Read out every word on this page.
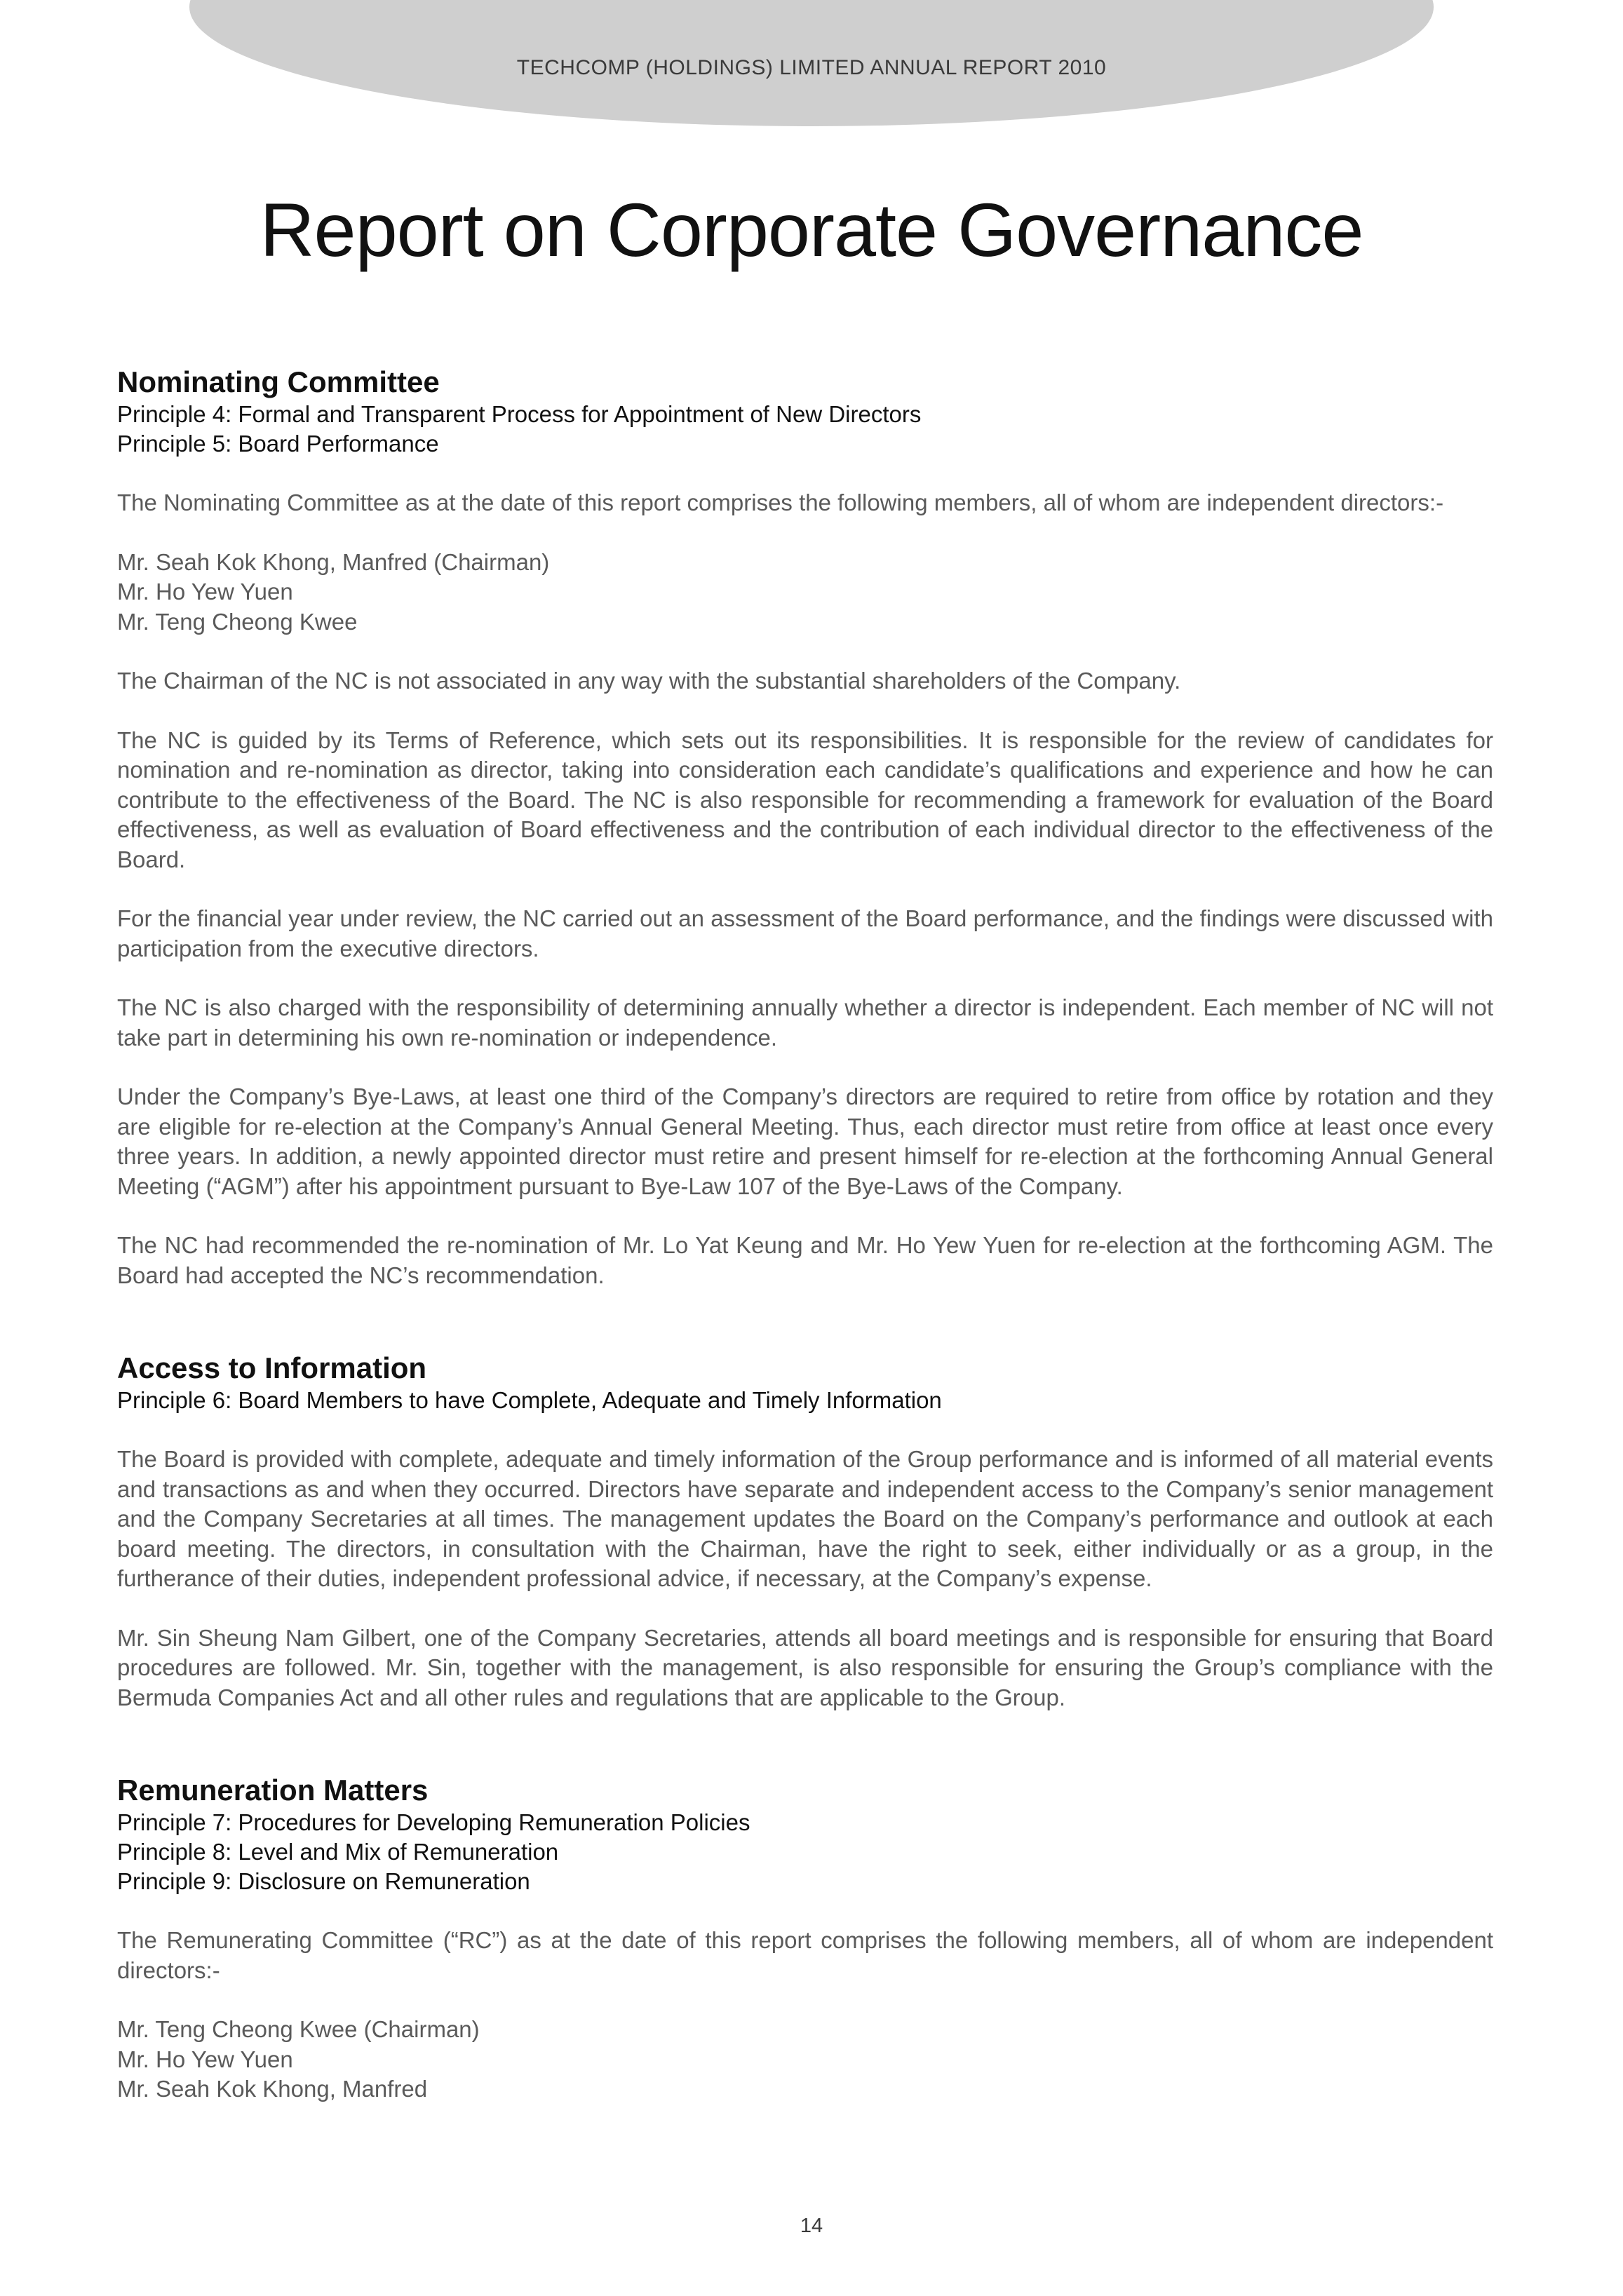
TECHCOMP (HOLDINGS) LIMITED ANNUAL REPORT 2010
Report on Corporate Governance
Nominating Committee
Principle 4: Formal and Transparent Process for Appointment of New Directors
Principle 5: Board Performance

The Nominating Committee as at the date of this report comprises the following members, all of whom are independent directors:-

Mr. Seah Kok Khong, Manfred (Chairman)
Mr. Ho Yew Yuen
Mr. Teng Cheong Kwee

The Chairman of the NC is not associated in any way with the substantial shareholders of the Company.

The NC is guided by its Terms of Reference, which sets out its responsibilities. It is responsible for the review of candidates for nomination and re-nomination as director, taking into consideration each candidate’s qualifications and experience and how he can contribute to the effectiveness of the Board. The NC is also responsible for recommending a framework for evaluation of the Board effectiveness, as well as evaluation of Board effectiveness and the contribution of each individual director to the effectiveness of the Board.

For the financial year under review, the NC carried out an assessment of the Board performance, and the findings were discussed with participation from the executive directors.

The NC is also charged with the responsibility of determining annually whether a director is independent. Each member of NC will not take part in determining his own re-nomination or independence.

Under the Company’s Bye-Laws, at least one third of the Company’s directors are required to retire from office by rotation and they are eligible for re-election at the Company’s Annual General Meeting. Thus, each director must retire from office at least once every three years. In addition, a newly appointed director must retire and present himself for re-election at the forthcoming Annual General Meeting (“AGM”) after his appointment pursuant to Bye-Law 107 of the Bye-Laws of the Company.

The NC had recommended the re-nomination of Mr. Lo Yat Keung and Mr. Ho Yew Yuen for re-election at the forthcoming AGM. The Board had accepted the NC’s recommendation.

Access to Information
Principle 6: Board Members to have Complete, Adequate and Timely Information

The Board is provided with complete, adequate and timely information of the Group performance and is informed of all material events and transactions as and when they occurred. Directors have separate and independent access to the Company’s senior management and the Company Secretaries at all times. The management updates the Board on the Company’s performance and outlook at each board meeting. The directors, in consultation with the Chairman, have the right to seek, either individually or as a group, in the furtherance of their duties, independent professional advice, if necessary, at the Company’s expense.

Mr. Sin Sheung Nam Gilbert, one of the Company Secretaries, attends all board meetings and is responsible for ensuring that Board procedures are followed. Mr. Sin, together with the management, is also responsible for ensuring the Group’s compliance with the Bermuda Companies Act and all other rules and regulations that are applicable to the Group.

Remuneration Matters
Principle 7: Procedures for Developing Remuneration Policies
Principle 8: Level and Mix of Remuneration
Principle 9: Disclosure on Remuneration

The Remunerating Committee (“RC”) as at the date of this report comprises the following members, all of whom are independent directors:-

Mr. Teng Cheong Kwee (Chairman)
Mr. Ho Yew Yuen
Mr. Seah Kok Khong, Manfred
14
